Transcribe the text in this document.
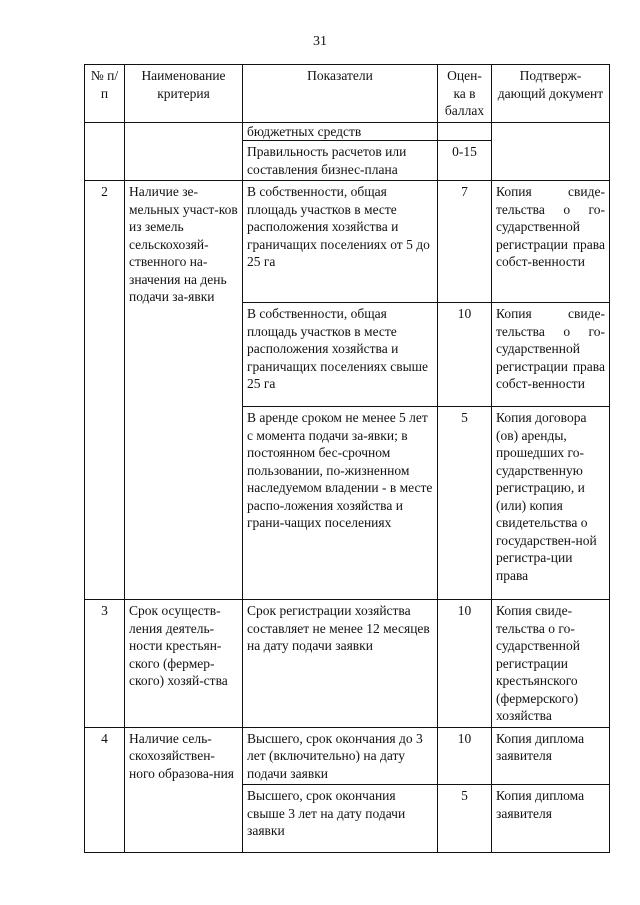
31
№ п/п	Наименование критерия	Показатели	Оцен-ка в баллах	Подтверж-дающий документ
		бюджетных средств		
		Правильность расчетов или составления бизнес-плана	0-15	
2	Наличие зе-мельных участ-ков из земель сельскохозяй-ственного на-значения на день подачи за-явки	В собственности, общая площадь участков в месте расположения хозяйства и граничащих поселениях от 5 до 25 га	7	Копия свиде-тельства о го-сударственной регистрации права собст-венности
		В собственности, общая площадь участков в месте расположения хозяйства и граничащих поселениях свыше 25 га	10	Копия свиде-тельства о го-сударственной регистрации права собст-венности
		В аренде сроком не менее 5 лет с момента подачи за-явки; в постоянном бес-срочном пользовании, по-жизненном наследуемом владении - в месте распо-ложения хозяйства и грани-чащих поселениях	5	Копия договора (ов) аренды, прошедших го-сударственную регистрацию, и (или) копия свидетельства о государствен-ной регистра-ции права
3	Срок осуществ-ления деятель-ности крестьян-ского (фермер-ского) хозяй-ства	Срок регистрации хозяйства составляет не менее 12 месяцев на дату подачи заявки	10	Копия свиде-тельства о го-сударственной регистрации крестьянского (фермерского) хозяйства
4	Наличие сель-скохозяйствен-ного образова-ния	Высшего, срок окончания до 3 лет (включительно) на дату подачи заявки	10	Копия диплома заявителя
		Высшего, срок окончания свыше 3 лет на дату подачи заявки	5	Копия диплома заявителя
